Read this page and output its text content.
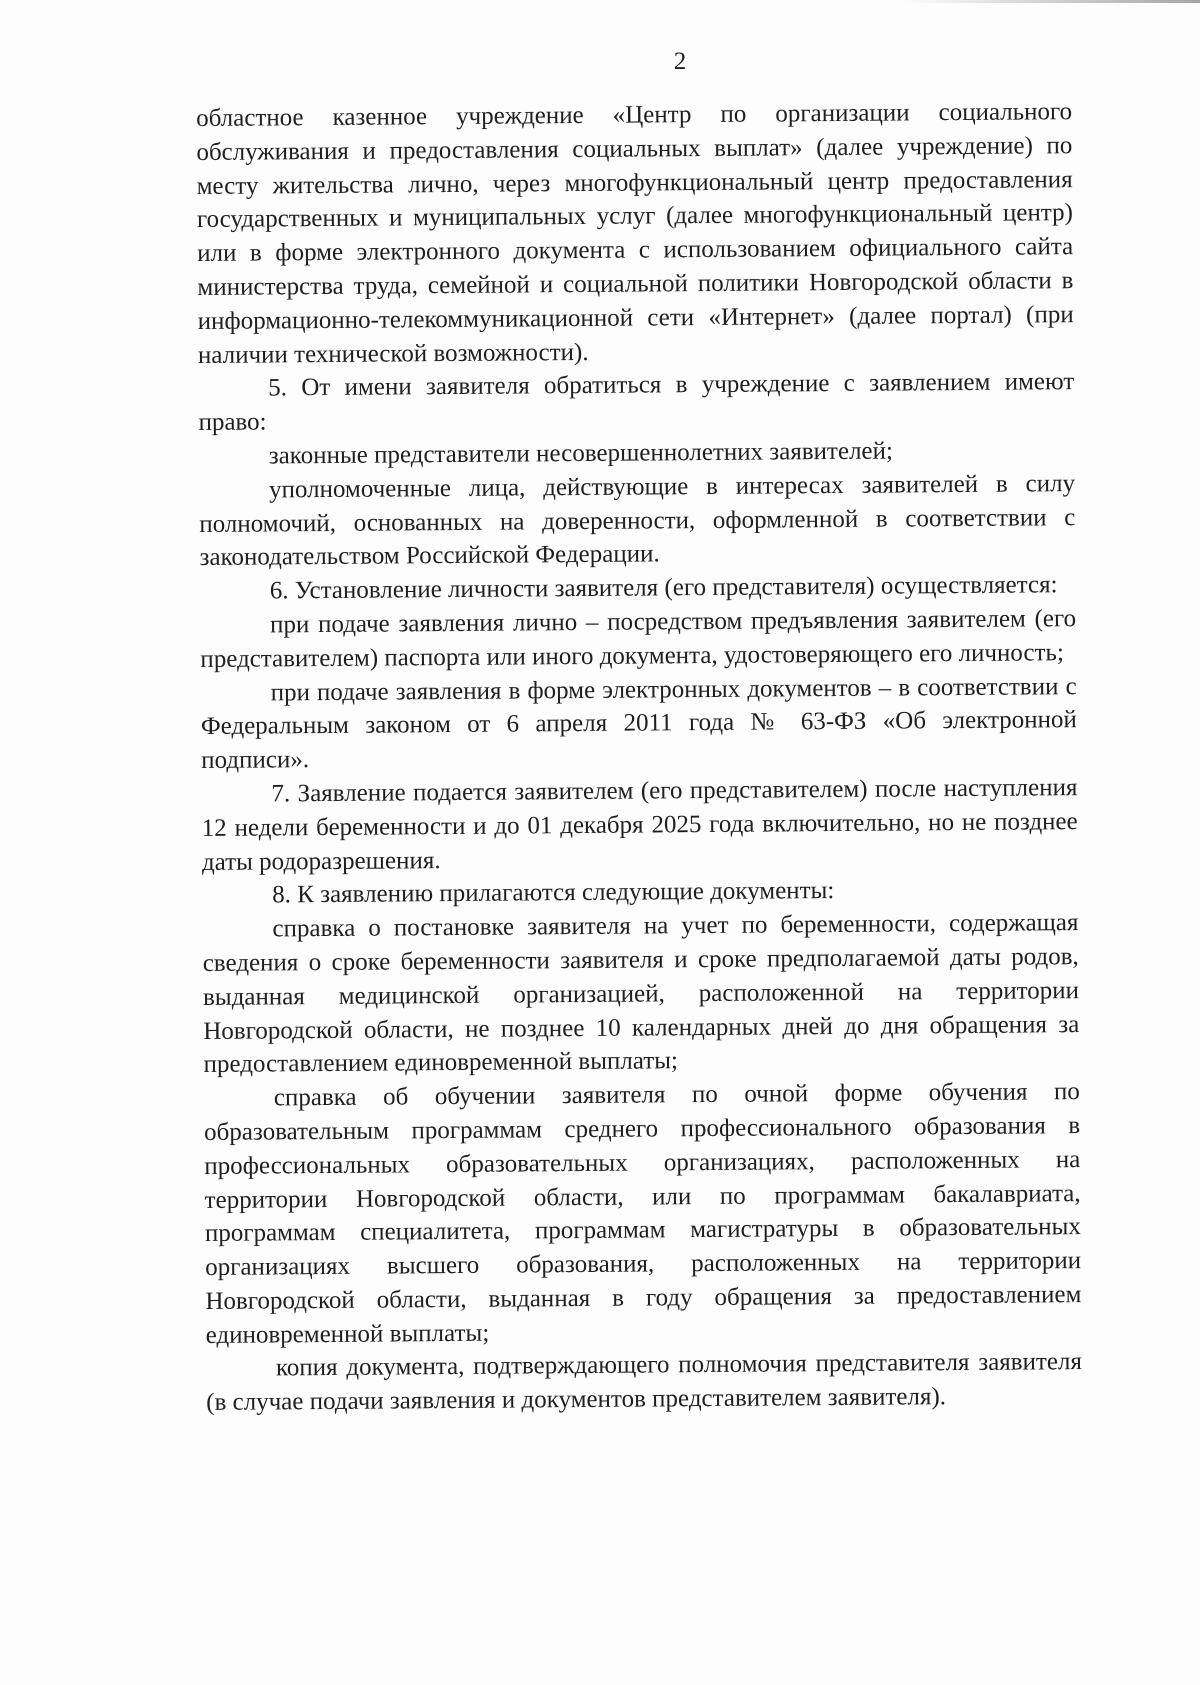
2

областное казенное учреждение «Центр по организации социального обслуживания и предоставления социальных выплат» (далее учреждение) по месту жительства лично, через многофункциональный центр предоставления государственных и муниципальных услуг (далее многофункциональный центр) или в форме электронного документа с использованием официального сайта министерства труда, семейной и социальной политики Новгородской области в информационно-телекоммуникационной сети «Интернет» (далее портал) (при наличии технической возможности).

5. От имени заявителя обратиться в учреждение с заявлением имеют право:

законные представители несовершеннолетних заявителей;

уполномоченные лица, действующие в интересах заявителей в силу полномочий, основанных на доверенности, оформленной в соответствии с законодательством Российской Федерации.

6. Установление личности заявителя (его представителя) осуществляется:

при подаче заявления лично – посредством предъявления заявителем (его представителем) паспорта или иного документа, удостоверяющего его личность;

при подаче заявления в форме электронных документов – в соответствии с Федеральным законом от 6 апреля 2011 года № 63-ФЗ «Об электронной подписи».

7. Заявление подается заявителем (его представителем) после наступления 12 недели беременности и до 01 декабря 2025 года включительно, но не позднее даты родоразрешения.

8. К заявлению прилагаются следующие документы:

справка о постановке заявителя на учет по беременности, содержащая сведения о сроке беременности заявителя и сроке предполагаемой даты родов, выданная медицинской организацией, расположенной на территории Новгородской области, не позднее 10 календарных дней до дня обращения за предоставлением единовременной выплаты;

справка об обучении заявителя по очной форме обучения по образовательным программам среднего профессионального образования в профессиональных образовательных организациях, расположенных на территории Новгородской области, или по программам бакалавриата, программам специалитета, программам магистратуры в образовательных организациях высшего образования, расположенных на территории Новгородской области, выданная в году обращения за предоставлением единовременной выплаты;

копия документа, подтверждающего полномочия представителя заявителя (в случае подачи заявления и документов представителем заявителя).
